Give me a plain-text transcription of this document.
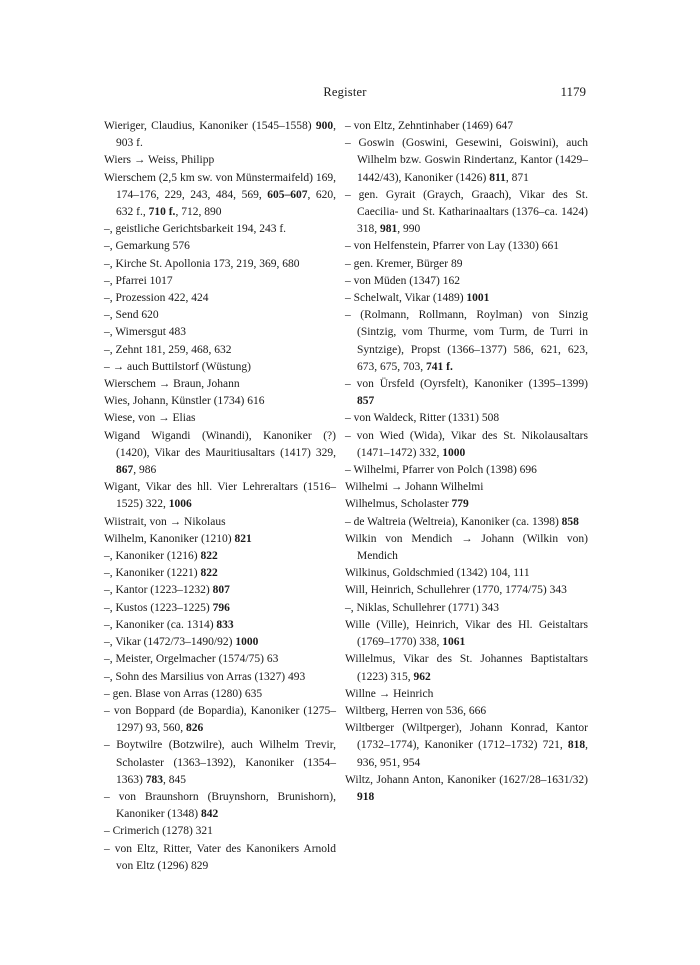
Register	1179
Wieriger, Claudius, Kanoniker (1545–1558) 900, 903 f.
Wiers → Weiss, Philipp
Wierschem (2,5 km sw. von Münstermaifeld) 169, 174–176, 229, 243, 484, 569, 605–607, 620, 632 f., 710 f., 712, 890
–, geistliche Gerichtsbarkeit 194, 243 f.
–, Gemarkung 576
–, Kirche St. Apollonia 173, 219, 369, 680
–, Pfarrei 1017
–, Prozession 422, 424
–, Send 620
–, Wimersgut 483
–, Zehnt 181, 259, 468, 632
– → auch Buttilstorf (Wüstung)
Wierschem → Braun, Johann
Wies, Johann, Künstler (1734) 616
Wiese, von → Elias
Wigand Wigandi (Winandi), Kanoniker (?) (1420), Vikar des Mauritiusaltars (1417) 329, 867, 986
Wigant, Vikar des hll. Vier Lehreraltars (1516–1525) 322, 1006
Wiistrait, von → Nikolaus
Wilhelm, Kanoniker (1210) 821
–, Kanoniker (1216) 822
–, Kanoniker (1221) 822
–, Kantor (1223–1232) 807
–, Kustos (1223–1225) 796
–, Kanoniker (ca. 1314) 833
–, Vikar (1472/73–1490/92) 1000
–, Meister, Orgelmacher (1574/75) 63
–, Sohn des Marsilius von Arras (1327) 493
– gen. Blase von Arras (1280) 635
– von Boppard (de Bopardia), Kanoniker (1275–1297) 93, 560, 826
– Boytwilre (Botzwilre), auch Wilhelm Trevir, Scholaster (1363–1392), Kanoniker (1354–1363) 783, 845
– von Braunshorn (Bruynshorn, Brunishorn), Kanoniker (1348) 842
– Crimerich (1278) 321
– von Eltz, Ritter, Vater des Kanonikers Arnold von Eltz (1296) 829
– von Eltz, Zehntinhaber (1469) 647
– Goswin (Goswini, Gesewini, Goiswini), auch Wilhelm bzw. Goswin Rindertanz, Kantor (1429–1442/43), Kanoniker (1426) 811, 871
– gen. Gyrait (Graych, Graach), Vikar des St. Caecilia- und St. Katharinaaltars (1376–ca. 1424) 318, 981, 990
– von Helfenstein, Pfarrer von Lay (1330) 661
– gen. Kremer, Bürger 89
– von Müden (1347) 162
– Schelwalt, Vikar (1489) 1001
– (Rolmann, Rollmann, Roylman) von Sinzig (Sintzig, vom Thurme, vom Turm, de Turri in Syntzige), Propst (1366–1377) 586, 621, 623, 673, 675, 703, 741 f.
– von Ürsfeld (Oyrsfelt), Kanoniker (1395–1399) 857
– von Waldeck, Ritter (1331) 508
– von Wied (Wida), Vikar des St. Nikolausaltars (1471–1472) 332, 1000
– Wilhelmi, Pfarrer von Polch (1398) 696
Wilhelmi → Johann Wilhelmi
Wilhelmus, Scholaster 779
– de Waltreia (Weltreia), Kanoniker (ca. 1398) 858
Wilkin von Mendich → Johann (Wilkin von) Mendich
Wilkinus, Goldschmied (1342) 104, 111
Will, Heinrich, Schullehrer (1770, 1774/75) 343
–, Niklas, Schullehrer (1771) 343
Wille (Ville), Heinrich, Vikar des Hl. Geistaltars (1769–1770) 338, 1061
Willelmus, Vikar des St. Johannes Baptistaltars (1223) 315, 962
Willne → Heinrich
Wiltberg, Herren von 536, 666
Wiltberger (Wiltperger), Johann Konrad, Kantor (1732–1774), Kanoniker (1712–1732) 721, 818, 936, 951, 954
Wiltz, Johann Anton, Kanoniker (1627/28–1631/32) 918
